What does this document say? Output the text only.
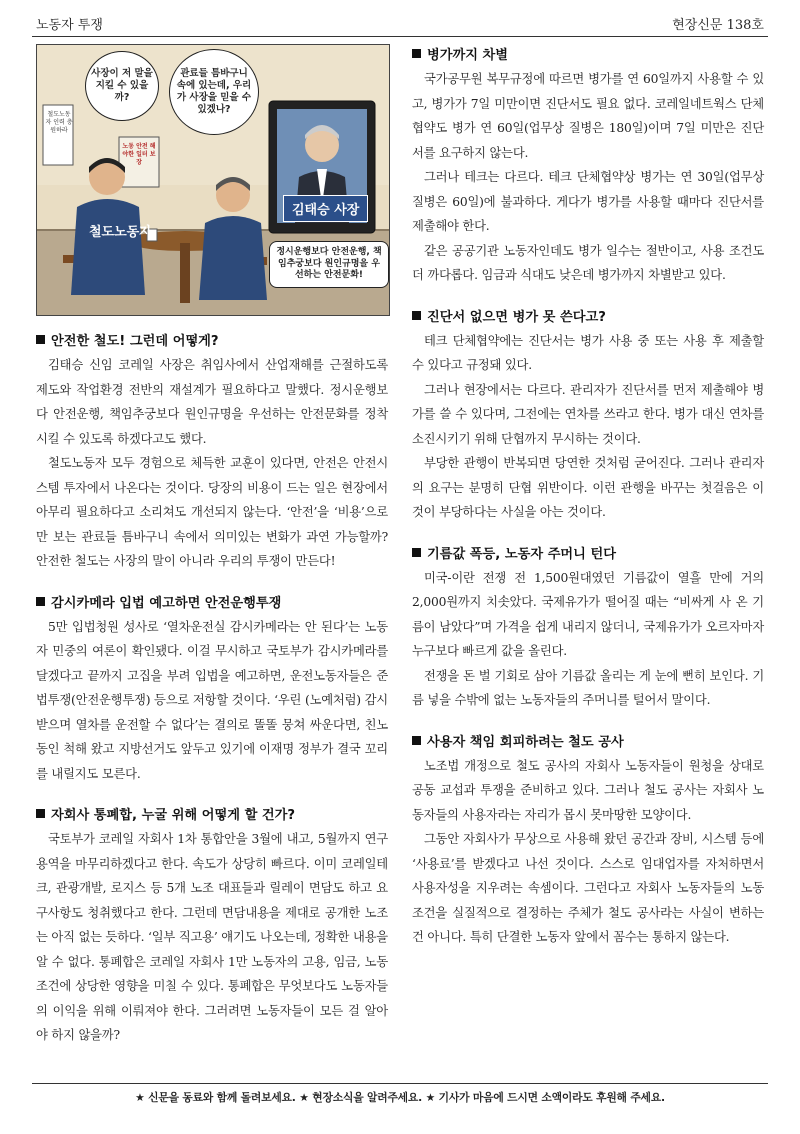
노동자 투쟁	현장신문 138호
사장이 저 말을 지킬 수 있을까?
관료들 틈바구니 속에 있는데, 우리가 사장을 믿을 수 있겠나?
철도노동자 인력 충원하라
노동 안전 해야한 일터 보장
철도노동자
김태승 사장
정시운행보다 안전운행, 책임추궁보다 원인규명을 우선하는 안전문화!
안전한 철도! 그런데 어떻게?

김태승 신임 코레일 사장은 취임사에서 산업재해를 근절하도록 제도와 작업환경 전반의 재설계가 필요하다고 말했다. 정시운행보다 안전운행, 책임추궁보다 원인규명을 우선하는 안전문화를 정착시킬 수 있도록 하겠다고도 했다.

철도노동자 모두 경험으로 체득한 교훈이 있다면, 안전은 안전시스템 투자에서 나온다는 것이다. 당장의 비용이 드는 일은 현장에서 아무리 필요하다고 소리쳐도 개선되지 않는다. ‘안전’을 ‘비용’으로만 보는 관료들 틈바구니 속에서 의미있는 변화가 과연 가능할까? 안전한 철도는 사장의 말이 아니라 우리의 투쟁이 만든다!

감시카메라 입법 예고하면 안전운행투쟁

5만 입법청원 성사로 ‘열차운전실 감시카메라는 안 된다’는 노동자 민중의 여론이 확인됐다. 이걸 무시하고 국토부가 감시카메라를 달겠다고 끝까지 고집을 부려 입법을 예고하면, 운전노동자들은 준법투쟁(안전운행투쟁) 등으로 저항할 것이다. ‘우린 (노예처럼) 감시받으며 열차를 운전할 수 없다’는 결의로 똘똘 뭉쳐 싸운다면, 친노동인 척해 왔고 지방선거도 앞두고 있기에 이재명 정부가 결국 꼬리를 내릴지도 모른다.

자회사 통폐합, 누굴 위해 어떻게 할 건가?

국토부가 코레일 자회사 1차 통합안을 3월에 내고, 5월까지 연구용역을 마무리하겠다고 한다. 속도가 상당히 빠르다. 이미 코레일테크, 관광개발, 로지스 등 5개 노조 대표들과 릴레이 면담도 하고 요구사항도 청취했다고 한다. 그런데 면담내용을 제대로 공개한 노조는 아직 없는 듯하다. ‘일부 직고용’ 얘기도 나오는데, 정확한 내용을 알 수 없다. 통폐합은 코레일 자회사 1만 노동자의 고용, 임금, 노동조건에 상당한 영향을 미칠 수 있다. 통폐합은 무엇보다도 노동자들의 이익을 위해 이뤄져야 한다. 그러려면 노동자들이 모든 걸 알아야 하지 않을까?

병가까지 차별

국가공무원 복무규정에 따르면 병가를 연 60일까지 사용할 수 있고, 병가가 7일 미만이면 진단서도 필요 없다. 코레일네트웍스 단체협약도 병가 연 60일(업무상 질병은 180일)이며 7일 미만은 진단서를 요구하지 않는다.

그러나 테크는 다르다. 테크 단체협약상 병가는 연 30일(업무상 질병은 60일)에 불과하다. 게다가 병가를 사용할 때마다 진단서를 제출해야 한다.

같은 공공기관 노동자인데도 병가 일수는 절반이고, 사용 조건도 더 까다롭다. 임금과 식대도 낮은데 병가까지 차별받고 있다.

진단서 없으면 병가 못 쓴다고?

테크 단체협약에는 진단서는 병가 사용 중 또는 사용 후 제출할 수 있다고 규정돼 있다.

그러나 현장에서는 다르다. 관리자가 진단서를 먼저 제출해야 병가를 쓸 수 있다며, 그전에는 연차를 쓰라고 한다. 병가 대신 연차를 소진시키기 위해 단협까지 무시하는 것이다.

부당한 관행이 반복되면 당연한 것처럼 굳어진다. 그러나 관리자의 요구는 분명히 단협 위반이다. 이런 관행을 바꾸는 첫걸음은 이것이 부당하다는 사실을 아는 것이다.

기름값 폭등, 노동자 주머니 턴다

미국-이란 전쟁 전 1,500원대였던 기름값이 열흘 만에 거의 2,000원까지 치솟았다. 국제유가가 떨어질 때는 “비싸게 사 온 기름이 남았다”며 가격을 쉽게 내리지 않더니, 국제유가가 오르자마자 누구보다 빠르게 값을 올린다.

전쟁을 돈 벌 기회로 삼아 기름값 올리는 게 눈에 뻔히 보인다. 기름 넣을 수밖에 없는 노동자들의 주머니를 털어서 말이다.

사용자 책임 회피하려는 철도 공사

노조법 개정으로 철도 공사의 자회사 노동자들이 원청을 상대로 공동 교섭과 투쟁을 준비하고 있다. 그러나 철도 공사는 자회사 노동자들의 사용자라는 자리가 몹시 못마땅한 모양이다.

그동안 자회사가 무상으로 사용해 왔던 공간과 장비, 시스템 등에 ‘사용료’를 받겠다고 나선 것이다. 스스로 임대업자를 자처하면서 사용자성을 지우려는 속셈이다. 그런다고 자회사 노동자들의 노동조건을 실질적으로 결정하는 주체가 철도 공사라는 사실이 변하는 건 아니다. 특히 단결한 노동자 앞에서 꼼수는 통하지 않는다.

★ 신문을 동료와 함께 돌려보세요. ★ 현장소식을 알려주세요. ★ 기사가 마음에 드시면 소액이라도 후원해 주세요.
